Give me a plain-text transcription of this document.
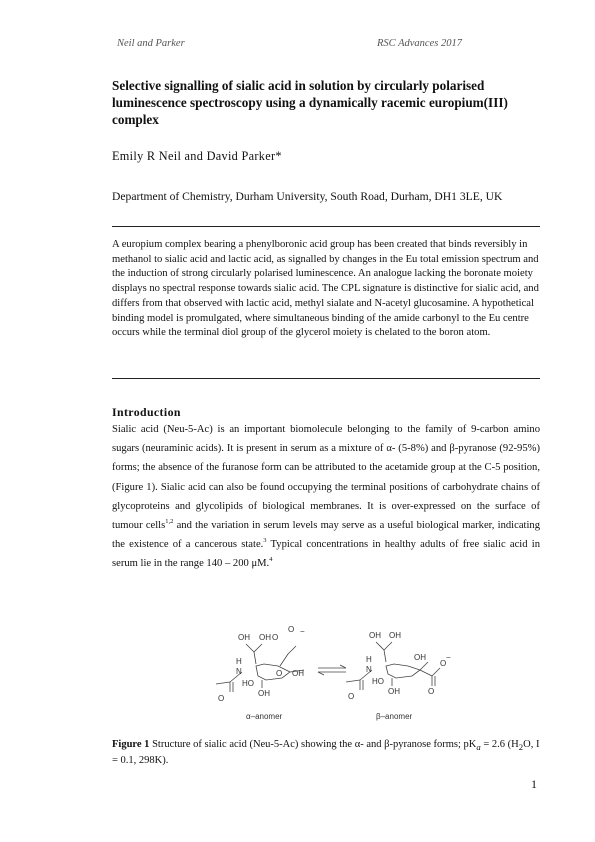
Neil and Parker	RSC Advances 2017
Selective signalling of sialic acid in solution by circularly polarised luminescence spectroscopy using a dynamically racemic europium(III) complex
Emily R Neil and David Parker*
Department of Chemistry, Durham University, South Road, Durham, DH1 3LE, UK
A europium complex bearing a phenylboronic acid group has been created that binds reversibly in methanol to sialic acid and lactic acid, as signalled by changes in the Eu total emission spectrum and the induction of strong circularly polarised luminescence. An analogue lacking the boronate moiety displays no spectral response towards sialic acid. The CPL signature is distinctive for sialic acid, and differs from that observed with lactic acid, methyl sialate and N-acetyl glucosamine. A hypothetical binding model is promulgated, where simultaneous binding of the amide carbonyl to the Eu centre occurs while the terminal diol group of the glycerol moiety is chelated to the boron atom.
Introduction
Sialic acid (Neu-5-Ac) is an important biomolecule belonging to the family of 9-carbon amino sugars (neuraminic acids). It is present in serum as a mixture of α- (5-8%) and β-pyranose (92-95%) forms; the absence of the furanose form can be attributed to the acetamide group at the C-5 position, (Figure 1). Sialic acid can also be found occupying the terminal positions of carbohydrate chains of glycoproteins and glycolipids of biological membranes. It is over-expressed on the surface of tumour cells$^{1,2}$ and the variation in serum levels may serve as a useful biological marker, indicating the existence of a cancerous state.$^3$ Typical concentrations in healthy adults of free sialic acid in serum lie in the range 140 – 200 μM.$^4$
OH OH O
O −
H
N	O OH
O
HO
OH
α–anomer
OH OH
H
N
OH
O
−
O
O
HO
OH
β–anomer
Figure 1 Structure of sialic acid (Neu-5-Ac) showing the α- and β-pyranose forms; $pK_a = 2.6$ ($H_2O$, I = 0.1, 298K).
1
